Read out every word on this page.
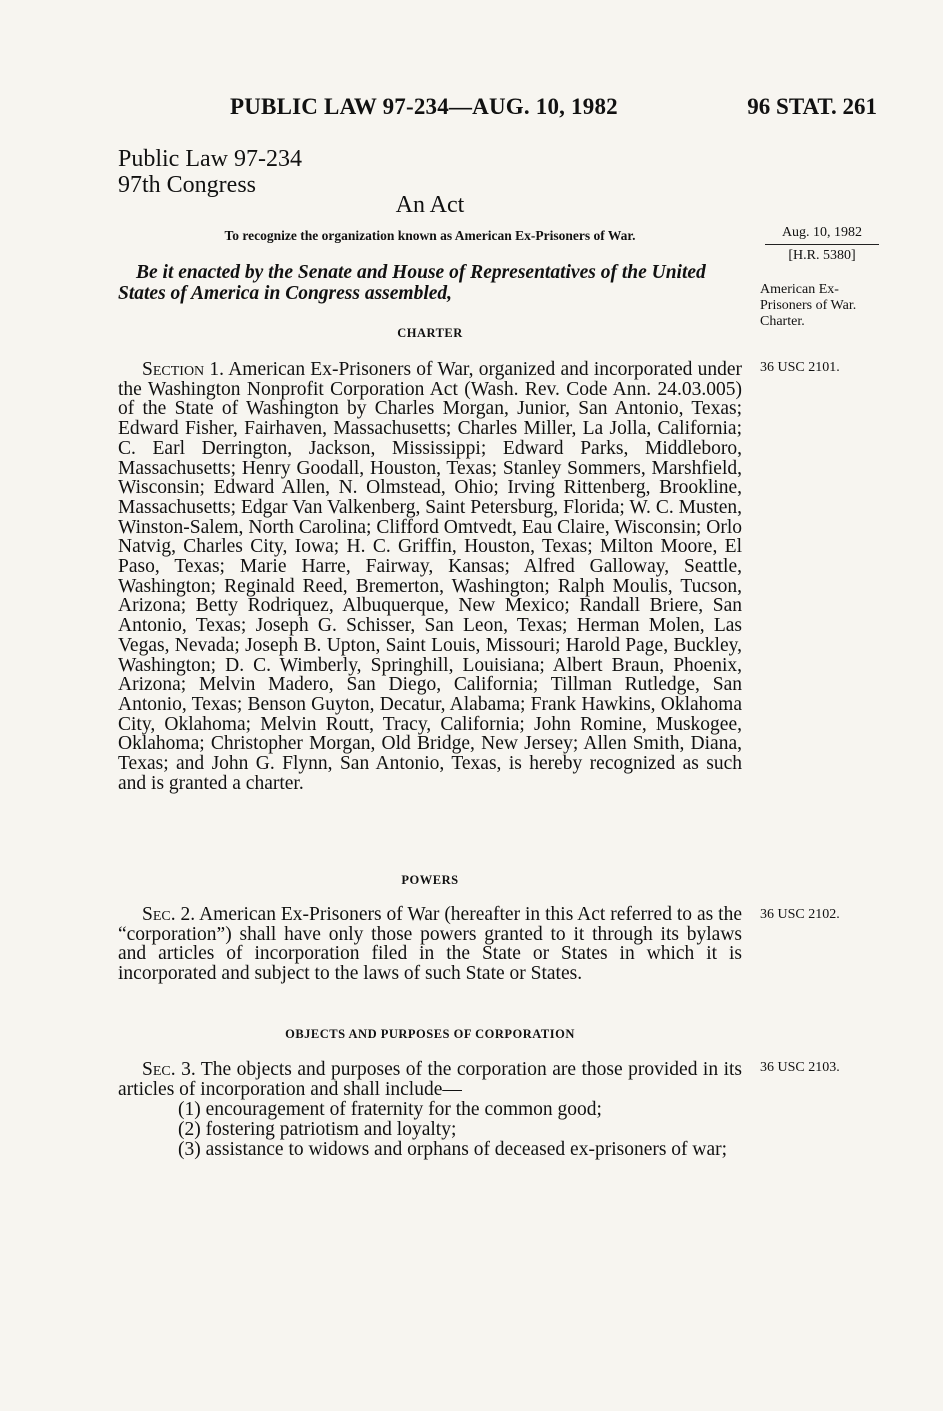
PUBLIC LAW 97-234—AUG. 10, 1982	96 STAT. 261
Public Law 97-234
97th Congress
An Act
To recognize the organization known as American Ex-Prisoners of War.	Aug. 10, 1982
[H.R. 5380]
Be it enacted by the Senate and House of Representatives of the United States of America in Congress assembled,	American Ex-Prisoners of War. Charter.
CHARTER
Section 1. American Ex-Prisoners of War, organized and incorporated under the Washington Nonprofit Corporation Act (Wash. Rev. Code Ann. 24.03.005) of the State of Washington by Charles Morgan, Junior, San Antonio, Texas; Edward Fisher, Fairhaven, Massachusetts; Charles Miller, La Jolla, California; C. Earl Derrington, Jackson, Mississippi; Edward Parks, Middleboro, Massachusetts; Henry Goodall, Houston, Texas; Stanley Sommers, Marshfield, Wisconsin; Edward Allen, N. Olmstead, Ohio; Irving Rittenberg, Brookline, Massachusetts; Edgar Van Valkenberg, Saint Petersburg, Florida; W. C. Musten, Winston-Salem, North Carolina; Clifford Omtvedt, Eau Claire, Wisconsin; Orlo Natvig, Charles City, Iowa; H. C. Griffin, Houston, Texas; Milton Moore, El Paso, Texas; Marie Harre, Fairway, Kansas; Alfred Galloway, Seattle, Washington; Reginald Reed, Bremerton, Washington; Ralph Moulis, Tucson, Arizona; Betty Rodriquez, Albuquerque, New Mexico; Randall Briere, San Antonio, Texas; Joseph G. Schisser, San Leon, Texas; Herman Molen, Las Vegas, Nevada; Joseph B. Upton, Saint Louis, Missouri; Harold Page, Buckley, Washington; D. C. Wimberly, Springhill, Louisiana; Albert Braun, Phoenix, Arizona; Melvin Madero, San Diego, California; Tillman Rutledge, San Antonio, Texas; Benson Guyton, Decatur, Alabama; Frank Hawkins, Oklahoma City, Oklahoma; Melvin Routt, Tracy, California; John Romine, Muskogee, Oklahoma; Christopher Morgan, Old Bridge, New Jersey; Allen Smith, Diana, Texas; and John G. Flynn, San Antonio, Texas, is hereby recognized as such and is granted a charter.
36 USC 2101.
POWERS
Sec. 2. American Ex-Prisoners of War (hereafter in this Act referred to as the “corporation”) shall have only those powers granted to it through its bylaws and articles of incorporation filed in the State or States in which it is incorporated and subject to the laws of such State or States.
36 USC 2102.
OBJECTS AND PURPOSES OF CORPORATION
Sec. 3. The objects and purposes of the corporation are those provided in its articles of incorporation and shall include—
36 USC 2103.
(1) encouragement of fraternity for the common good;
(2) fostering patriotism and loyalty;
(3) assistance to widows and orphans of deceased ex-prisoners of war;
